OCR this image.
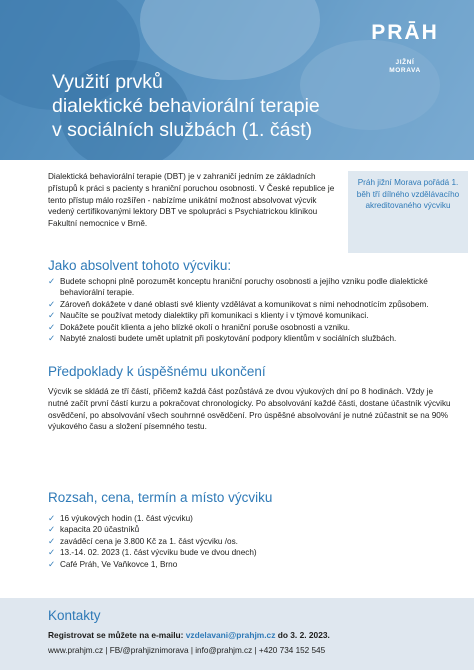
PRĀH
JIŽNÍ
MORAVA
Využití prvků
dialektické behaviorální terapie
v sociálních službách (1. část)

Dialektická behaviorální terapie (DBT) je v zahraničí jedním ze základních přístupů k práci s pacienty s hraniční poruchou osobnosti. V České republice je tento přístup málo rozšířen - nabízíme unikátní možnost absolvovat výcvik vedený certifikovanými lektory DBT ve spolupráci s Psychiatrickou klinikou Fakultní nemocnice v Brně.

Práh jižní Morava pořádá 1. běh tří dílného vzdělávacího akreditovaného výcviku
Jako absolvent tohoto výcviku:
✓ Budete schopni plně porozumět konceptu hraniční poruchy osobnosti a jejího vzniku podle dialektické behaviorální terapie.
✓ Zároveň dokážete v dané oblasti své klienty vzdělávat a komunikovat s nimi nehodnotícím způsobem.
✓ Naučíte se používat metody dialektiky při komunikaci s klienty i v týmové komunikaci.
✓ Dokážete poučit klienta a jeho blízké okolí o hraniční poruše osobnosti a vzniku.
✓ Nabyté znalosti budete umět uplatnit při poskytování podpory klientům v sociálních službách.
Předpoklady k úspěšnému ukončení

Výcvik se skládá ze tří částí, přičemž každá část pozůstává ze dvou výukových dní po 8 hodinách. Vždy je nutné začít první částí kurzu a pokračovat chronologicky. Po absolvování každé části, dostane účastník výcviku osvědčení, po absolvování všech souhrnné osvědčení. Pro úspěšné absolvování je nutné zúčastnit se na 90% výukového času a složení písemného testu.

Rozsah, cena, termín a místo výcviku
✓ 16 výukových hodin (1. část výcviku)
✓ kapacita 20 účastníků
✓ zaváděcí cena je 3.800 Kč za 1. část výcviku /os.
✓ 13.-14. 02. 2023 (1. část výcviku bude ve dvou dnech)
✓ Café Práh, Ve Vaňkovce 1, Brno
Kontakty
Registrovat se můžete na e-mailu: vzdelavani@prahjm.cz do 3. 2. 2023.
www.prahjm.cz | FB/@prahjiznimorava | info@prahjm.cz | +420 734 152 545
